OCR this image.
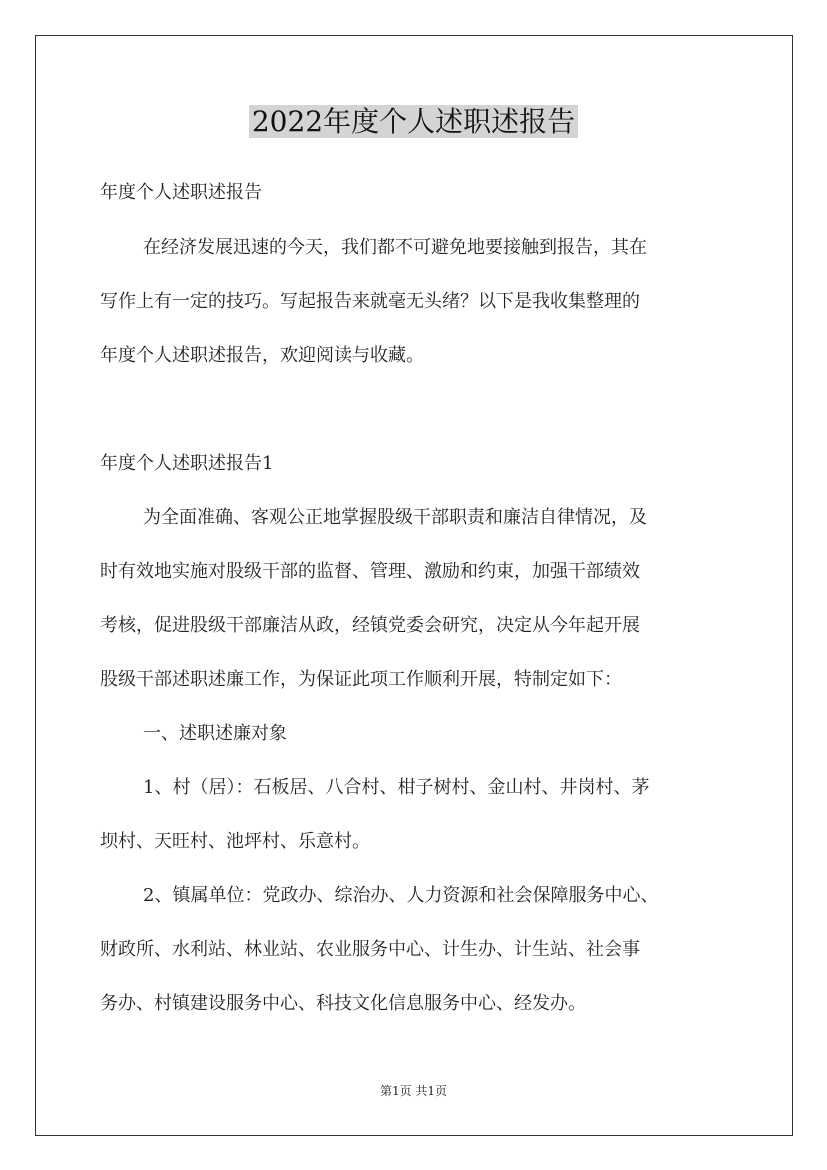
2022年度个人述职述报告
年度个人述职述报告
在经济发展迅速的今天，我们都不可避免地要接触到报告，其在
写作上有一定的技巧。写起报告来就毫无头绪？以下是我收集整理的
年度个人述职述报告，欢迎阅读与收藏。
年度个人述职述报告1
为全面准确、客观公正地掌握股级干部职责和廉洁自律情况，及
时有效地实施对股级干部的监督、管理、激励和约束，加强干部绩效
考核，促进股级干部廉洁从政，经镇党委会研究，决定从今年起开展
股级干部述职述廉工作，为保证此项工作顺利开展，特制定如下：
一、述职述廉对象
1、村（居）：石板居、八合村、柑子树村、金山村、井岗村、茅
坝村、天旺村、池坪村、乐意村。
2、镇属单位：党政办、综治办、人力资源和社会保障服务中心、
财政所、水利站、林业站、农业服务中心、计生办、计生站、社会事
务办、村镇建设服务中心、科技文化信息服务中心、经发办。
第1页 共1页
